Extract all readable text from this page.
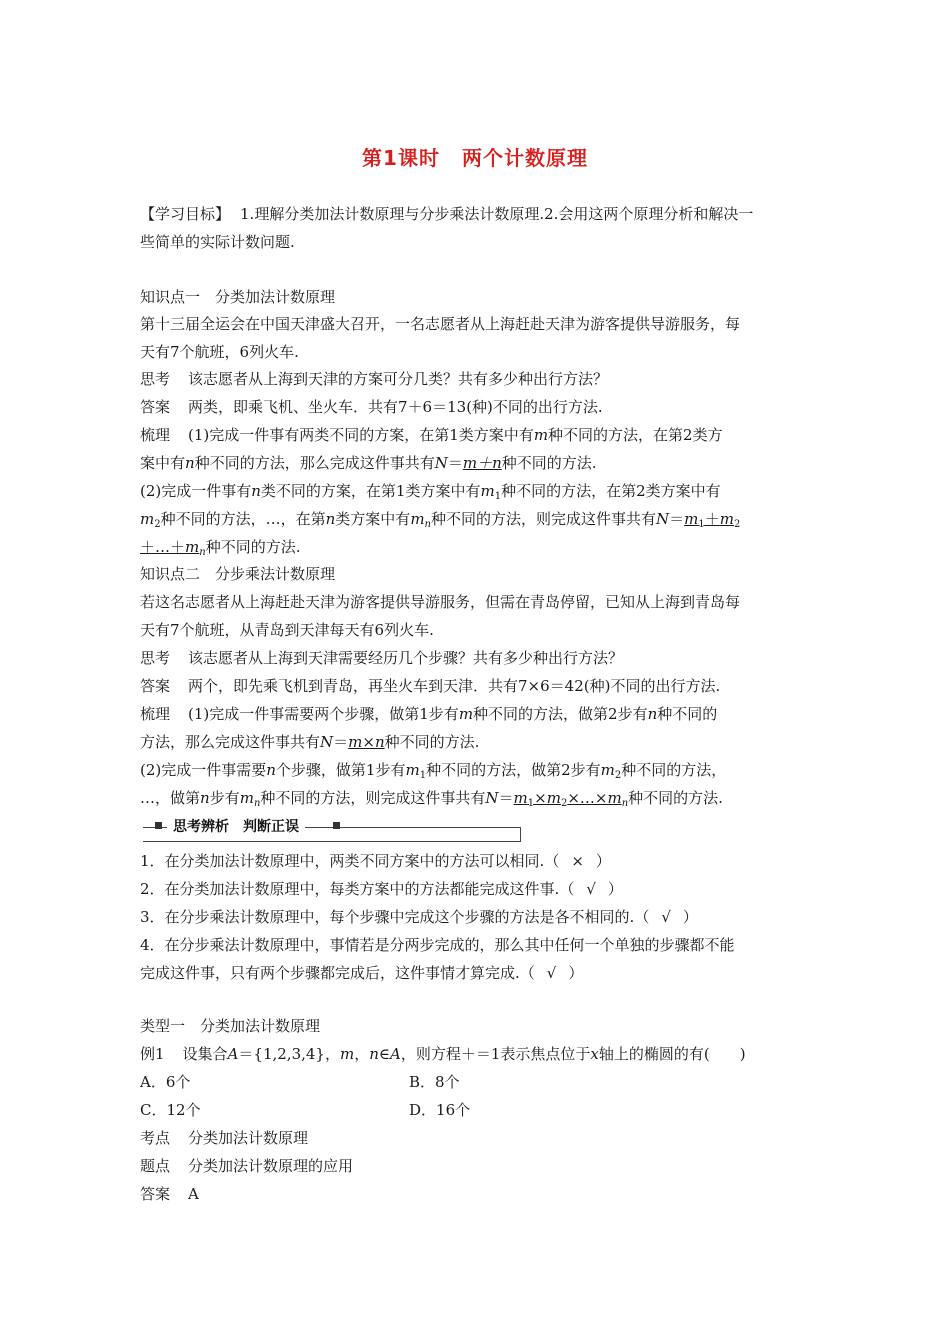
第1课时 两个计数原理
【学习目标】 1.理解分类加法计数原理与分步乘法计数原理.2.会用这两个原理分析和解决一
些简单的实际计数问题.
知识点一　分类加法计数原理
第十三届全运会在中国天津盛大召开，一名志愿者从上海赶赴天津为游客提供导游服务，每
天有7个航班，6列火车.
思考 该志愿者从上海到天津的方案可分几类？共有多少种出行方法？
答案 两类，即乘飞机、坐火车．共有7＋6＝13(种)不同的出行方法.
梳理 (1)完成一件事有两类不同的方案，在第1类方案中有m种不同的方法，在第2类方
案中有n种不同的方法，那么完成这件事共有N＝m＋n种不同的方法.
(2)完成一件事有n类不同的方案，在第1类方案中有$m_1$种不同的方法，在第2类方案中有
$m_2$种不同的方法，…，在第n类方案中有$m_n$种不同的方法，则完成这件事共有$N=m_1+m_2$
$+\dots+m_n$种不同的方法.
知识点二　分步乘法计数原理
若这名志愿者从上海赶赴天津为游客提供导游服务，但需在青岛停留，已知从上海到青岛每
天有7个航班，从青岛到天津每天有6列火车.
思考 该志愿者从上海到天津需要经历几个步骤？共有多少种出行方法？
答案 两个，即先乘飞机到青岛，再坐火车到天津．共有7×6＝42(种)不同的出行方法.
梳理 (1)完成一件事需要两个步骤，做第1步有m种不同的方法，做第2步有n种不同的
方法，那么完成这件事共有N＝m×n种不同的方法.
(2)完成一件事需要n个步骤，做第1步有$m_1$种不同的方法，做第2步有$m_2$种不同的方法，
…，做第n步有$m_n$种不同的方法，则完成这件事共有$N=m_1\times m_2\times\dots\times m_n$种不同的方法.
思考辨析 判断正误
1．在分类加法计数原理中，两类不同方案中的方法可以相同.（ × ）
2．在分类加法计数原理中，每类方案中的方法都能完成这件事.（ √ ）
3．在分步乘法计数原理中，每个步骤中完成这个步骤的方法是各不相同的.（ √ ）
4．在分步乘法计数原理中，事情若是分两步完成的，那么其中任何一个单独的步骤都不能
完成这件事，只有两个步骤都完成后，这件事情才算完成.（ √ ）
类型一　分类加法计数原理
例1 设集合A＝{1,2,3,4}，m，n∈A，则方程＋＝1表示焦点位于x轴上的椭圆的有(　　)
A．6个	B．8个
C．12个	D．16个
考点 分类加法计数原理
题点 分类加法计数原理的应用
答案 A
